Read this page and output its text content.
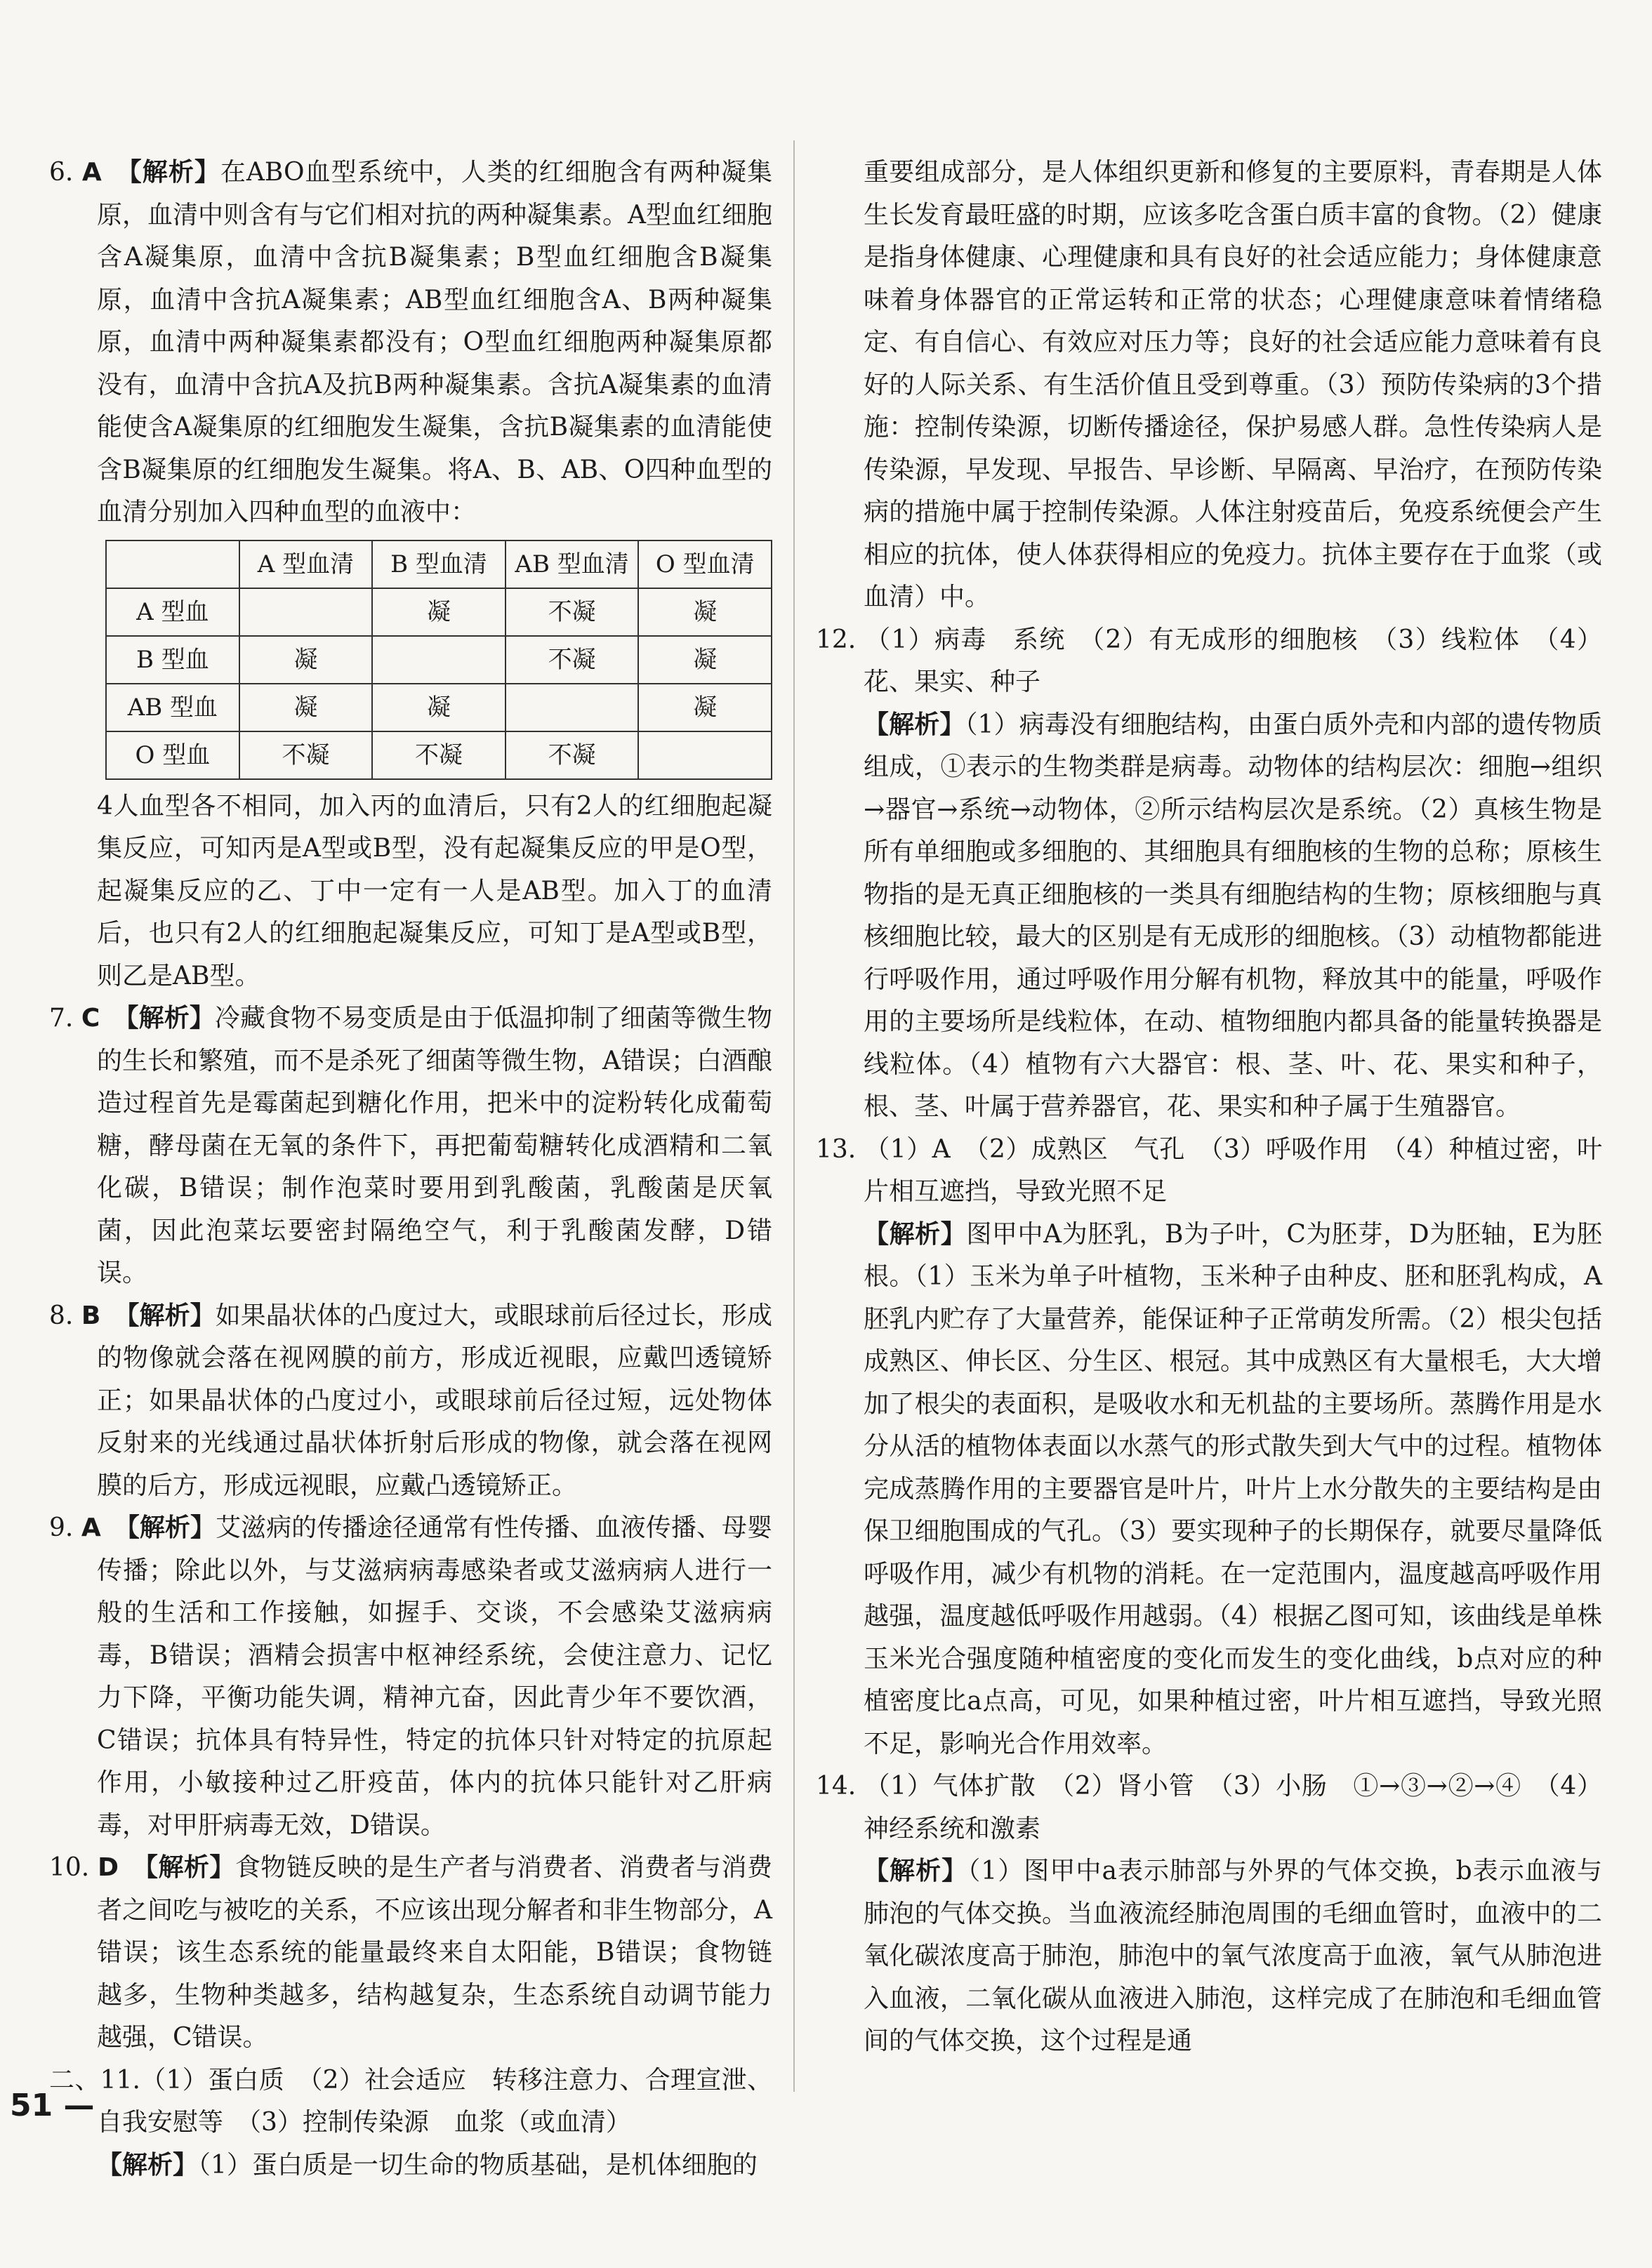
6. A　 【解析】在ABO血型系统中，人类的红细胞含有两种凝集原，血清中则含有与它们相对抗的两种凝集素。A型血红细胞含A凝集原，血清中含抗B凝集素；B型血红细胞含B凝集原，血清中含抗A凝集素；AB型血红细胞含A、B两种凝集原，血清中两种凝集素都没有；O型血红细胞两种凝集原都没有，血清中含抗A及抗B两种凝集素。含抗A凝集素的血清能使含A凝集原的红细胞发生凝集，含抗B凝集素的血清能使含B凝集原的红细胞发生凝集。将A、B、AB、O四种血型的血清分别加入四种血型的血液中：

	A 型血清	B 型血清	AB 型血清	O 型血清
A 型血		凝	不凝	凝
B 型血	凝		不凝	凝
AB 型血	凝	凝		凝
O 型血	不凝	不凝	不凝	

4人血型各不相同，加入丙的血清后，只有2人的红细胞起凝集反应，可知丙是A型或B型，没有起凝集反应的甲是O型，起凝集反应的乙、丁中一定有一人是AB型。加入丁的血清后，也只有2人的红细胞起凝集反应，可知丁是A型或B型，则乙是AB型。

7. C　 【解析】冷藏食物不易变质是由于低温抑制了细菌等微生物的生长和繁殖，而不是杀死了细菌等微生物，A错误；白酒酿造过程首先是霉菌起到糖化作用，把米中的淀粉转化成葡萄糖，酵母菌在无氧的条件下，再把葡萄糖转化成酒精和二氧化碳，B错误；制作泡菜时要用到乳酸菌，乳酸菌是厌氧菌，因此泡菜坛要密封隔绝空气，利于乳酸菌发酵，D错误。

8. B　 【解析】如果晶状体的凸度过大，或眼球前后径过长，形成的物像就会落在视网膜的前方，形成近视眼，应戴凹透镜矫正；如果晶状体的凸度过小，或眼球前后径过短，远处物体反射来的光线通过晶状体折射后形成的物像，就会落在视网膜的后方，形成远视眼，应戴凸透镜矫正。

9. A　 【解析】艾滋病的传播途径通常有性传播、血液传播、母婴传播；除此以外，与艾滋病病毒感染者或艾滋病病人进行一般的生活和工作接触，如握手、交谈，不会感染艾滋病病毒，B错误；酒精会损害中枢神经系统，会使注意力、记忆力下降，平衡功能失调，精神亢奋，因此青少年不要饮酒，C错误；抗体具有特异性，特定的抗体只针对特定的抗原起作用，小敏接种过乙肝疫苗，体内的抗体只能针对乙肝病毒，对甲肝病毒无效，D错误。

10. D　 【解析】食物链反映的是生产者与消费者、消费者与消费者之间吃与被吃的关系，不应该出现分解者和非生物部分，A错误；该生态系统的能量最终来自太阳能，B错误；食物链越多，生物种类越多，结构越复杂，生态系统自动调节能力越强，C错误。

二、11.（1）蛋白质　（2）社会适应　转移注意力、合理宣泄、自我安慰等　（3）控制传染源　血浆（或血清）

【解析】（1）蛋白质是一切生命的物质基础，是机体细胞的

重要组成部分，是人体组织更新和修复的主要原料，青春期是人体生长发育最旺盛的时期，应该多吃含蛋白质丰富的食物。（2）健康是指身体健康、心理健康和具有良好的社会适应能力；身体健康意味着身体器官的正常运转和正常的状态；心理健康意味着情绪稳定、有自信心、有效应对压力等；良好的社会适应能力意味着有良好的人际关系、有生活价值且受到尊重。（3）预防传染病的3个措施：控制传染源，切断传播途径，保护易感人群。急性传染病人是传染源，早发现、早报告、早诊断、早隔离、早治疗，在预防传染病的措施中属于控制传染源。人体注射疫苗后，免疫系统便会产生相应的抗体，使人体获得相应的免疫力。抗体主要存在于血浆（或血清）中。

12. （1）病毒　系统　（2）有无成形的细胞核　（3）线粒体　（4）花、果实、种子

【解析】（1）病毒没有细胞结构，由蛋白质外壳和内部的遗传物质组成，①表示的生物类群是病毒。动物体的结构层次：细胞→组织→器官→系统→动物体，②所示结构层次是系统。（2）真核生物是所有单细胞或多细胞的、其细胞具有细胞核的生物的总称；原核生物指的是无真正细胞核的一类具有细胞结构的生物；原核细胞与真核细胞比较，最大的区别是有无成形的细胞核。（3）动植物都能进行呼吸作用，通过呼吸作用分解有机物，释放其中的能量，呼吸作用的主要场所是线粒体，在动、植物细胞内都具备的能量转换器是线粒体。（4）植物有六大器官：根、茎、叶、花、果实和种子，根、茎、叶属于营养器官，花、果实和种子属于生殖器官。

13. （1）A　（2）成熟区　气孔　（3）呼吸作用　（4）种植过密，叶片相互遮挡，导致光照不足

【解析】图甲中A为胚乳，B为子叶，C为胚芽，D为胚轴，E为胚根。（1）玉米为单子叶植物，玉米种子由种皮、胚和胚乳构成，A胚乳内贮存了大量营养，能保证种子正常萌发所需。（2）根尖包括成熟区、伸长区、分生区、根冠。其中成熟区有大量根毛，大大增加了根尖的表面积，是吸收水和无机盐的主要场所。蒸腾作用是水分从活的植物体表面以水蒸气的形式散失到大气中的过程。植物体完成蒸腾作用的主要器官是叶片，叶片上水分散失的主要结构是由保卫细胞围成的气孔。（3）要实现种子的长期保存，就要尽量降低呼吸作用，减少有机物的消耗。在一定范围内，温度越高呼吸作用越强，温度越低呼吸作用越弱。（4）根据乙图可知，该曲线是单株玉米光合强度随种植密度的变化而发生的变化曲线，b点对应的种植密度比a点高，可见，如果种植过密，叶片相互遮挡，导致光照不足，影响光合作用效率。

14. （1）气体扩散　（2）肾小管　（3）小肠　①→③→②→④　（4）神经系统和激素

【解析】（1）图甲中a表示肺部与外界的气体交换，b表示血液与肺泡的气体交换。当血液流经肺泡周围的毛细血管时，血液中的二氧化碳浓度高于肺泡，肺泡中的氧气浓度高于血液，氧气从肺泡进入血液，二氧化碳从血液进入肺泡，这样完成了在肺泡和毛细血管间的气体交换，这个过程是通

51 —
